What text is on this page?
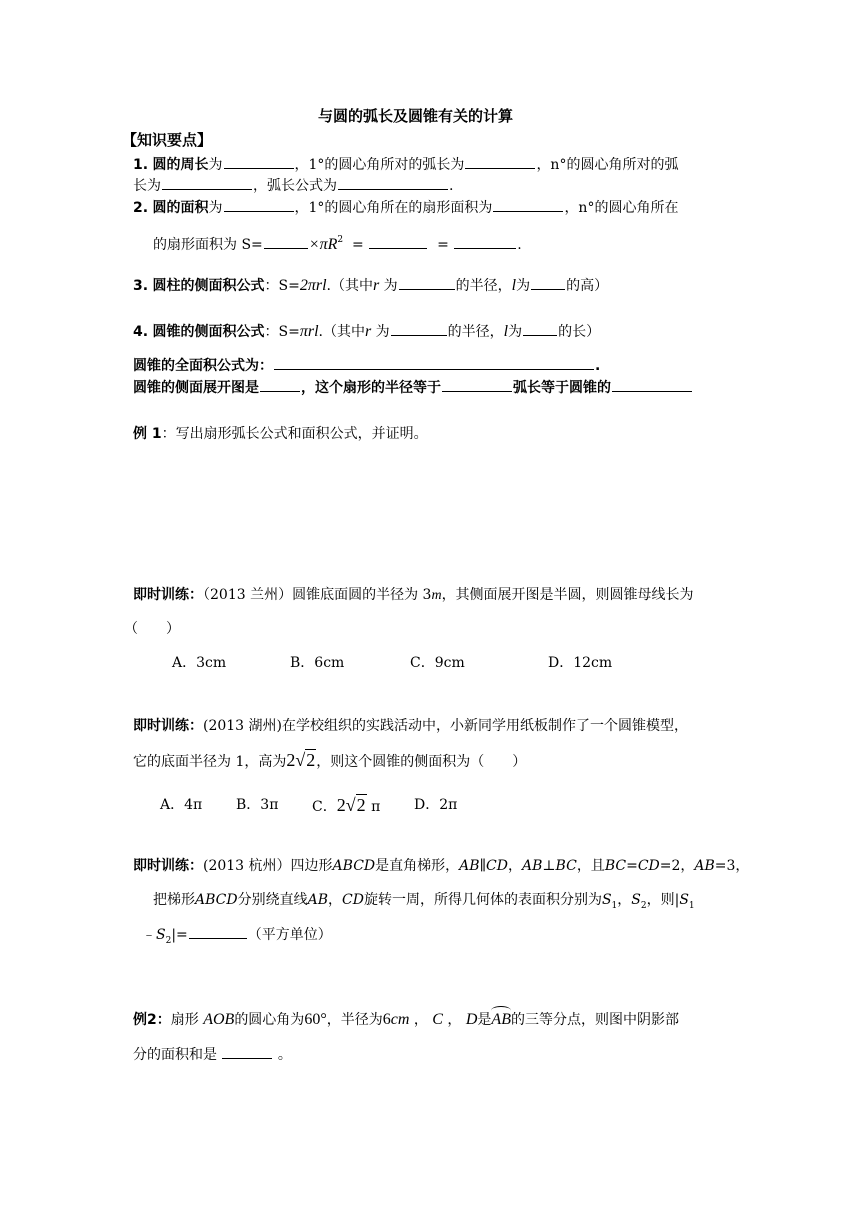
与圆的弧长及圆锥有关的计算
【知识要点】
1. 圆的周长为	，1°的圆心角所对的弧长为	，n°的圆心角所对的弧
长为	，弧长公式为	.
2. 圆的面积为	，1°的圆心角所在的扇形面积为	，n°的圆心角所在
的扇形面积为 S=	$\times\pi R^2$ =	=	.
3. 圆柱的侧面积公式：S=2πrl.（其中r 为	的半径，l为	的高）
4. 圆锥的侧面积公式：S=πrl.（其中r 为	的半径，l为	的长）
圆锥的全面积公式为：	.
圆锥的侧面展开图是	，这个扇形的半径等于	弧长等于圆锥的
例 1：写出扇形弧长公式和面积公式，并证明。
即时训练：（2013 兰州）圆锥底面圆的半径为 3m，其侧面展开图是半圆，则圆锥母线长为
（　　）
A．3cm	B．6cm	C．9cm	D．12cm
即时训练：(2013 湖州)在学校组织的实践活动中，小新同学用纸板制作了一个圆锥模型，
它的底面半径为 1，高为2√2，则这个圆锥的侧面积为（　　）
A．4π B．3π C．2√2 π D．2π
即时训练：(2013 杭州）四边形ABCD是直角梯形，AB∥CD，AB⊥BC，且BC=CD=2，AB=3，
把梯形ABCD分别绕直线AB，CD旋转一周，所得几何体的表面积分别为$S_1$，$S_2$，则$|S_1$
$﹣S_2|=$	（平方单位）
例2：扇形 AOB的圆心角为60°，半径为6cm ， C ， D是AB的三等分点，则图中阴影部
分的面积和是	。
